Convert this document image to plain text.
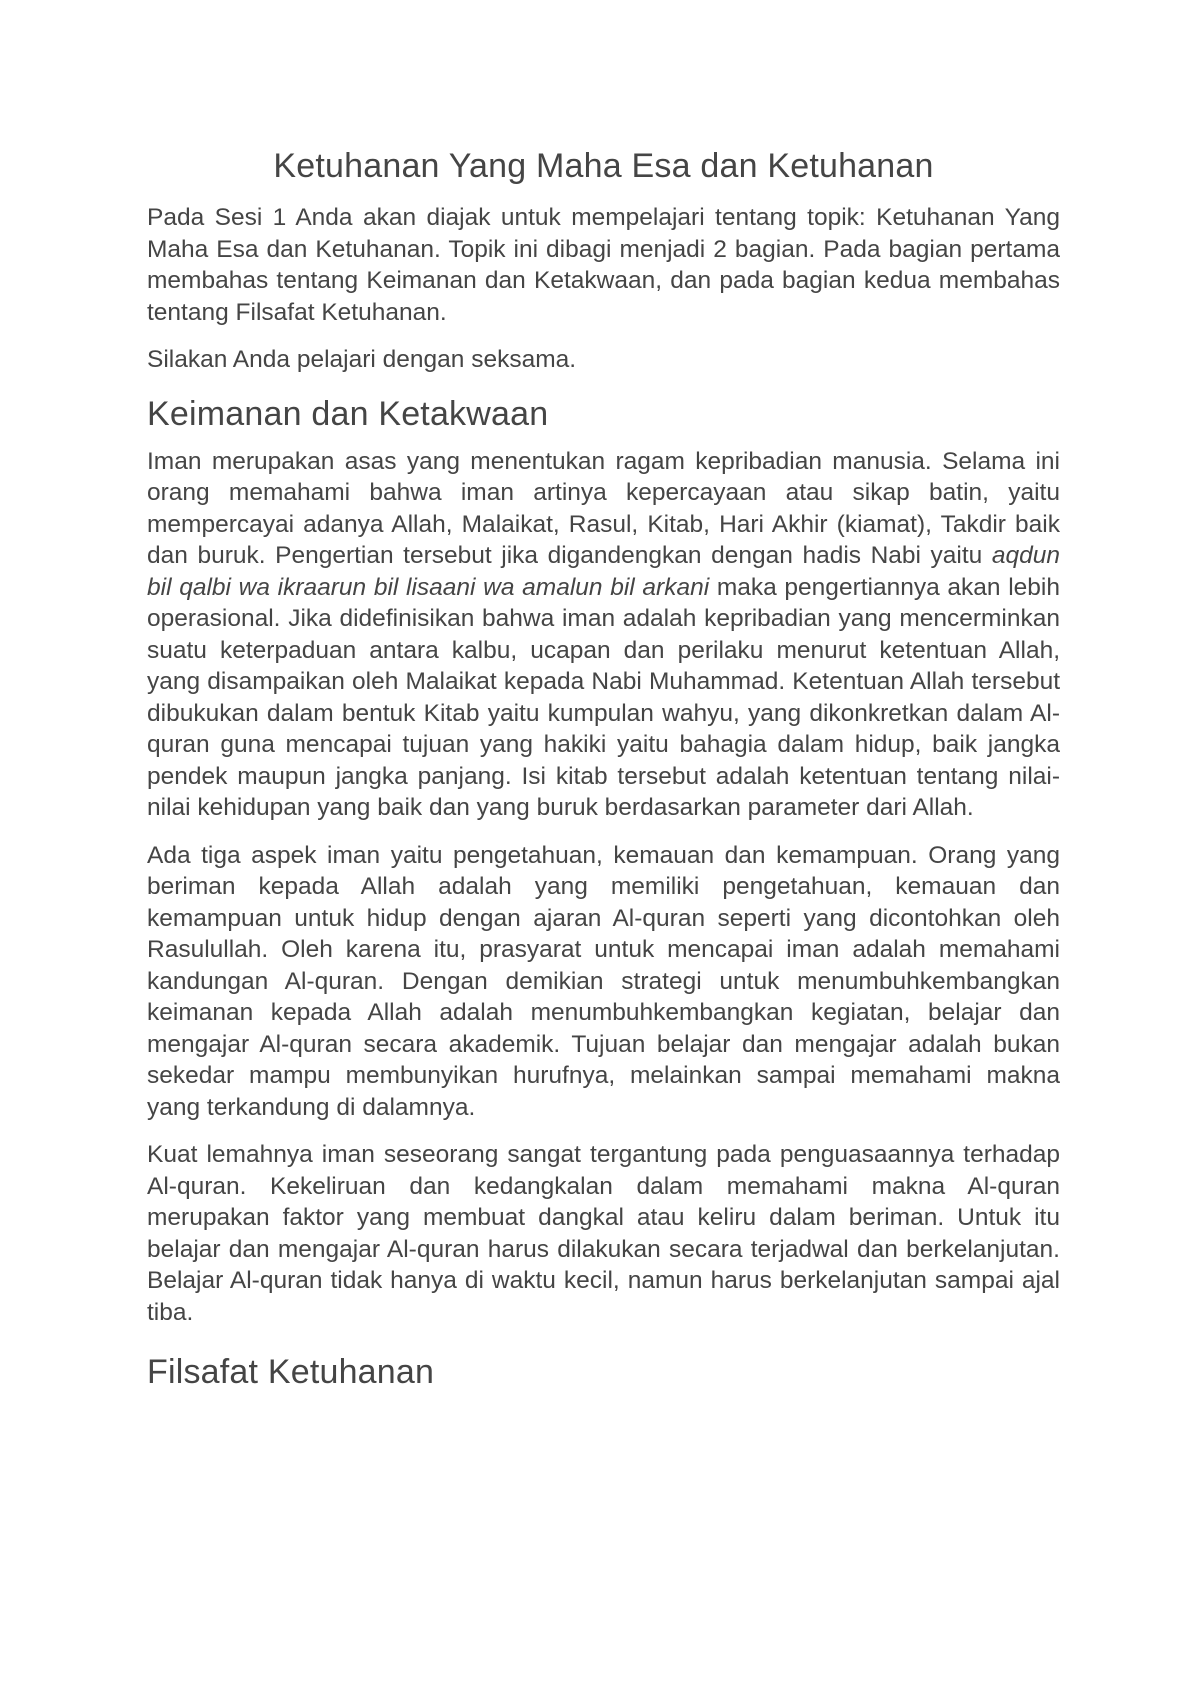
Ketuhanan Yang Maha Esa dan Ketuhanan

Pada Sesi 1 Anda akan diajak untuk mempelajari tentang topik: Ketuhanan Yang Maha Esa dan Ketuhanan. Topik ini dibagi menjadi 2 bagian. Pada bagian pertama membahas tentang Keimanan dan Ketakwaan, dan pada bagian kedua membahas tentang Filsafat Ketuhanan.

Silakan Anda pelajari dengan seksama.

Keimanan dan Ketakwaan

Iman merupakan asas yang menentukan ragam kepribadian manusia. Selama ini orang memahami bahwa iman artinya kepercayaan atau sikap batin, yaitu mempercayai adanya Allah, Malaikat, Rasul, Kitab, Hari Akhir (kiamat), Takdir baik dan buruk. Pengertian tersebut jika digandengkan dengan hadis Nabi yaitu aqdun bil qalbi wa ikraarun bil lisaani wa amalun bil arkani maka pengertiannya akan lebih operasional. Jika didefinisikan bahwa iman adalah kepribadian yang mencerminkan suatu keterpaduan antara kalbu, ucapan dan perilaku menurut ketentuan Allah, yang disampaikan oleh Malaikat kepada Nabi Muhammad. Ketentuan Allah tersebut dibukukan dalam bentuk Kitab yaitu kumpulan wahyu, yang dikonkretkan dalam Al-quran guna mencapai tujuan yang hakiki yaitu bahagia dalam hidup, baik jangka pendek maupun jangka panjang. Isi kitab tersebut adalah ketentuan tentang nilai-nilai kehidupan yang baik dan yang buruk berdasarkan parameter dari Allah.

Ada tiga aspek iman yaitu pengetahuan, kemauan dan kemampuan. Orang yang beriman kepada Allah adalah yang memiliki pengetahuan, kemauan dan kemampuan untuk hidup dengan ajaran Al-quran seperti yang dicontohkan oleh Rasulullah. Oleh karena itu, prasyarat untuk mencapai iman adalah memahami kandungan Al-quran. Dengan demikian strategi untuk menumbuhkembangkan keimanan kepada Allah adalah menumbuhkembangkan kegiatan, belajar dan mengajar Al-quran secara akademik. Tujuan belajar dan mengajar adalah bukan sekedar mampu membunyikan hurufnya, melainkan sampai memahami makna yang terkandung di dalamnya.

Kuat lemahnya iman seseorang sangat tergantung pada penguasaannya terhadap Al-quran. Kekeliruan dan kedangkalan dalam memahami makna Al-quran merupakan faktor yang membuat dangkal atau keliru dalam beriman. Untuk itu belajar dan mengajar Al-quran harus dilakukan secara terjadwal dan berkelanjutan. Belajar Al-quran tidak hanya di waktu kecil, namun harus berkelanjutan sampai ajal tiba.

Filsafat Ketuhanan
